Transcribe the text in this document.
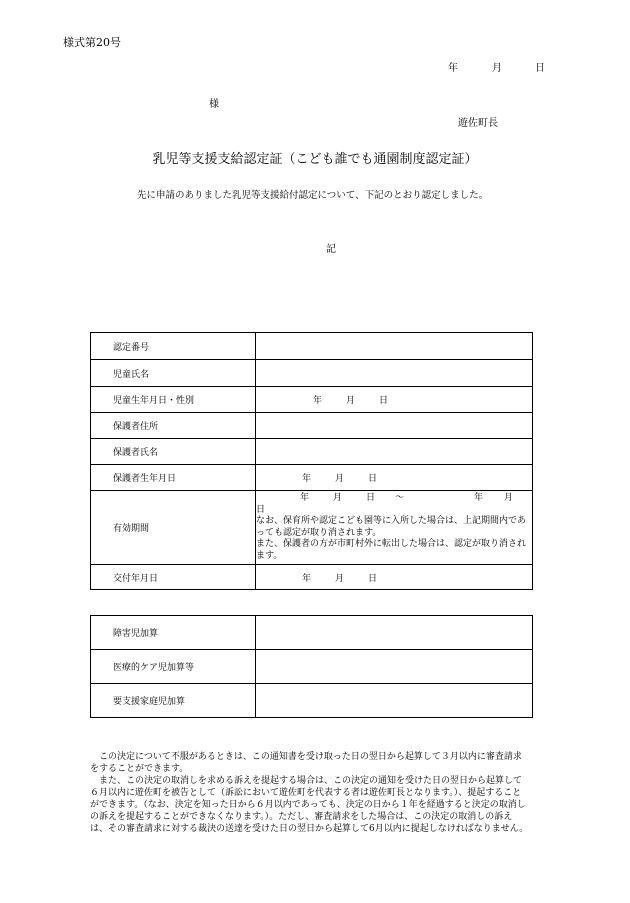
様式第20号
年	月	日
様
遊佐町長
乳児等支援支給認定証（こども誰でも通園制度認定証）
先に申請のありました乳児等支援給付認定について、下記のとおり認定しました。
記
認定番号	
児童氏名	
児童生年月日・性別	年 月 日
保護者住所	
保護者氏名	
保護者生年月日	年 月 日
有効期間	年 月 日 ～ 年 月
日
なお、保育所や認定こども園等に入所した場合は、上記期間内であっても認定が取り消されます。
また、保護者の方が市町村外に転出した場合は、認定が取り消されます。

交付年月日	年 月 日
障害児加算	
医療的ケア児加算等	
要支援家庭児加算	

この決定について不服があるときは、この通知書を受け取った日の翌日から起算して３月以内に審査請求をすることができます。

また、この決定の取消しを求める訴えを提起する場合は、この決定の通知を受けた日の翌日から起算して６月以内に遊佐町を被告として（訴訟において遊佐町を代表する者は遊佐町長となります。）、提起することができます。（なお、決定を知った日から６月以内であっても、決定の日から１年を経過すると決定の取消しの訴えを提起することができなくなります。）。ただし、審査請求をした場合は、この決定の取消しの訴えは、その審査請求に対する裁決の送達を受けた日の翌日から起算して6月以内に提起しなければなりません。
